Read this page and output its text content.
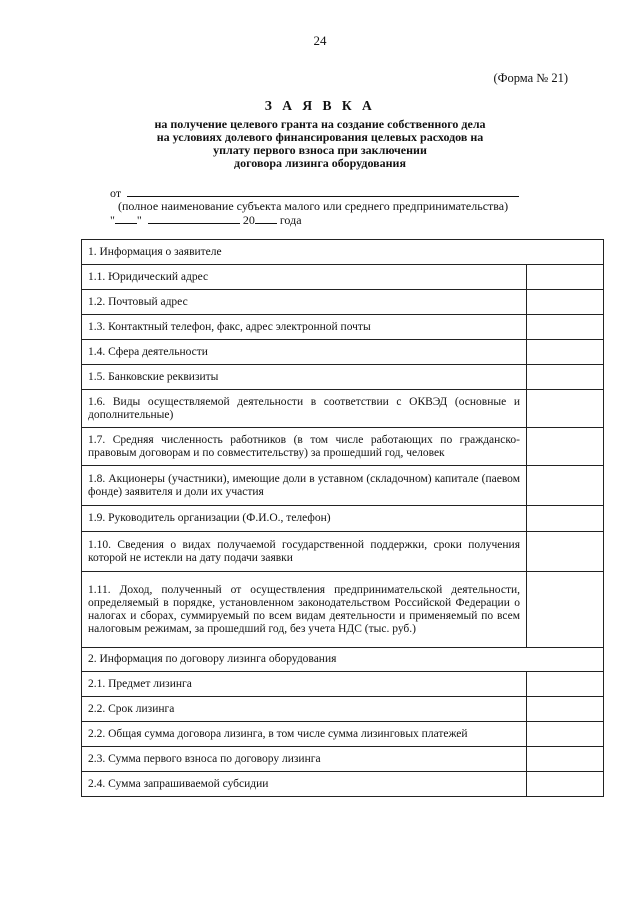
24
(Форма № 21)
З А Я В К А
на получение целевого гранта на создание собственного дела
на условиях долевого финансирования целевых расходов на
уплату первого взноса при заключении
договора лизинга оборудования
от
(полное наименование субъекта малого или среднего предпринимательства)
" "	20 года
1. Информация о заявителе	
1.1. Юридический адрес	
1.2. Почтовый адрес	
1.3. Контактный телефон, факс, адрес электронной почты	
1.4. Сфера деятельности	
1.5. Банковские реквизиты	
1.6. Виды осуществляемой деятельности в соответствии с ОКВЭД (основные и дополнительные)	
1.7. Средняя численность работников (в том числе работающих по гражданско-правовым договорам и по совместительству) за прошедший год, человек	
1.8. Акционеры (участники), имеющие доли в уставном (складочном) капитале (паевом фонде) заявителя и доли их участия	
1.9. Руководитель организации (Ф.И.О., телефон)	
1.10. Сведения о видах получаемой государственной поддержки, сроки получения которой не истекли на дату подачи заявки	
1.11. Доход, полученный от осуществления предпринимательской деятельности, определяемый в порядке, установленном законодательством Российской Федерации о налогах и сборах, суммируемый по всем видам деятельности и применяемый по всем налоговым режимам, за прошедший год, без учета НДС (тыс. руб.)	
2. Информация по договору лизинга оборудования	
2.1. Предмет лизинга	
2.2. Срок лизинга	
2.2. Общая сумма договора лизинга, в том числе сумма лизинговых платежей	
2.3. Сумма первого взноса по договору лизинга	
2.4. Сумма запрашиваемой субсидии	
